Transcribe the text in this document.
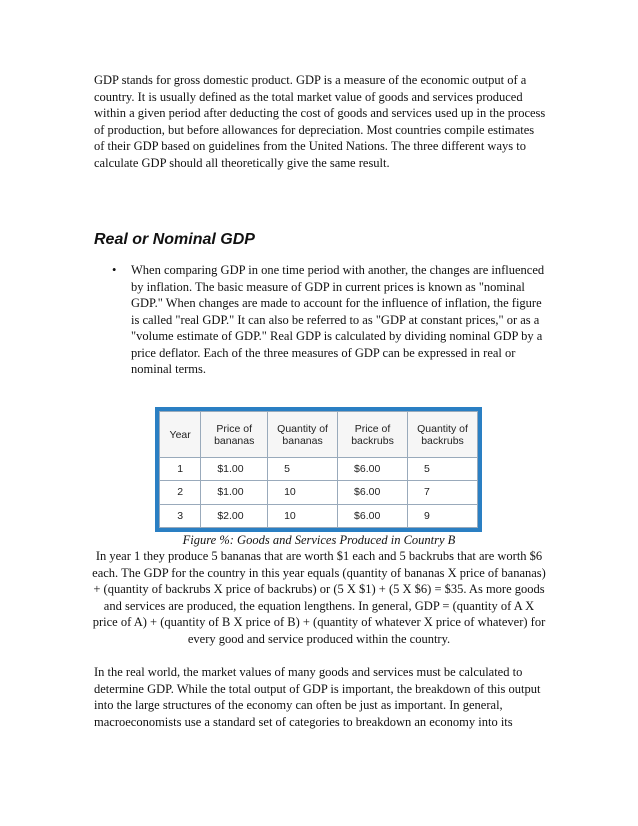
GDP stands for gross domestic product. GDP is a measure of the economic output of a country. It is usually defined as the total market value of goods and services produced within a given period after deducting the cost of goods and services used up in the process of production, but before allowances for depreciation. Most countries compile estimates of their GDP based on guidelines from the United Nations. The three different ways to calculate GDP should all theoretically give the same result.

Real or Nominal GDP
• When comparing GDP in one time period with another, the changes are influenced by inflation. The basic measure of GDP in current prices is known as "nominal GDP." When changes are made to account for the influence of inflation, the figure is called "real GDP." It can also be referred to as "GDP at constant prices," or as a "volume estimate of GDP." Real GDP is calculated by dividing nominal GDP by a price deflator. Each of the three measures of GDP can be expressed in real or nominal terms.
Year	Price of bananas	Quantity of bananas	Price of backrubs	Quantity of backrubs
1	$1.00	5	$6.00	5
2	$1.00	10	$6.00	7
3	$2.00	10	$6.00	9

Figure %: Goods and Services Produced in Country B

In year 1 they produce 5 bananas that are worth $1 each and 5 backrubs that are worth $6 each. The GDP for the country in this year equals (quantity of bananas X price of bananas) + (quantity of backrubs X price of backrubs) or (5 X $1) + (5 X $6) = $35. As more goods and services are produced, the equation lengthens. In general, GDP = (quantity of A X price of A) + (quantity of B X price of B) + (quantity of whatever X price of whatever) for every good and service produced within the country.

In the real world, the market values of many goods and services must be calculated to determine GDP. While the total output of GDP is important, the breakdown of this output into the large structures of the economy can often be just as important. In general, macroeconomists use a standard set of categories to breakdown an economy into its
